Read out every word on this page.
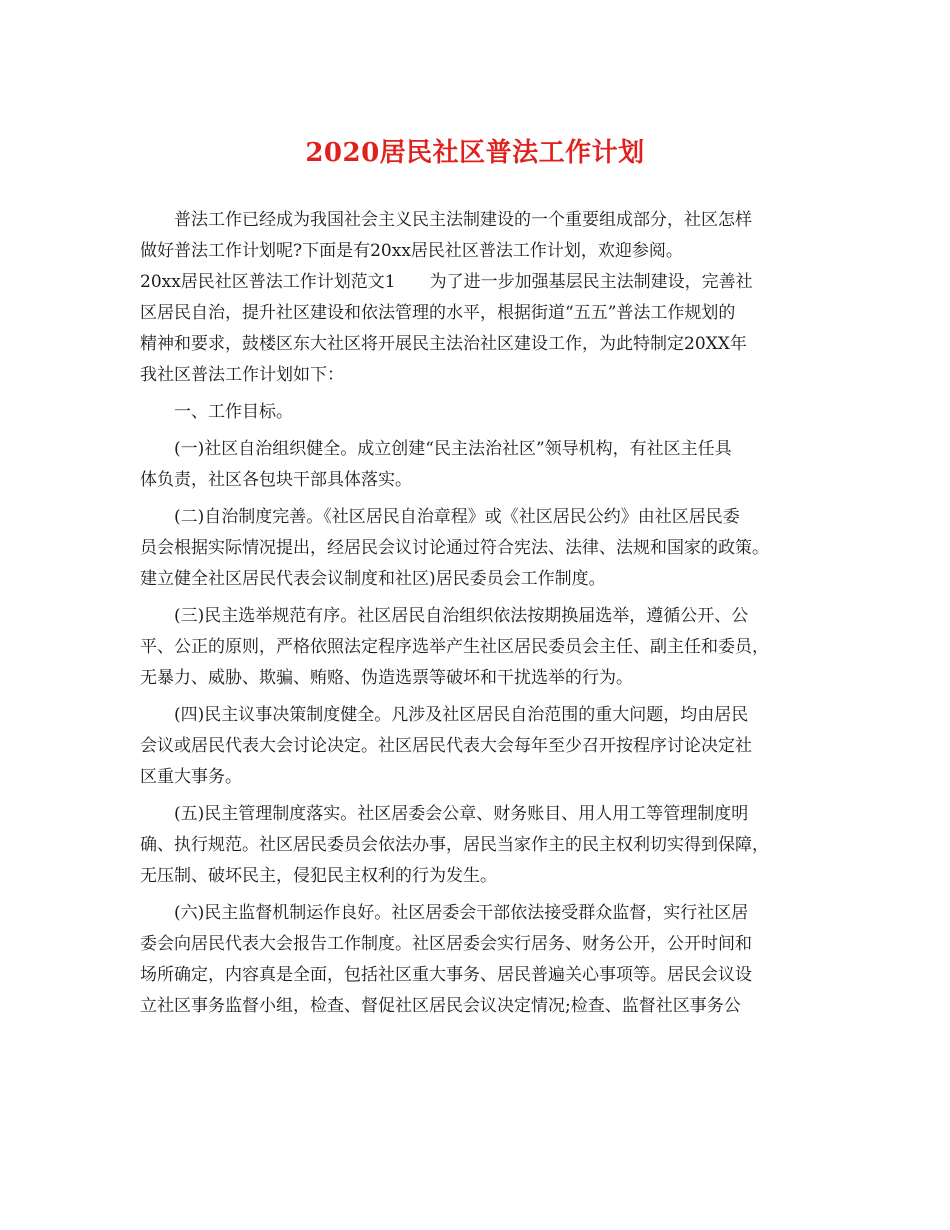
2020居民社区普法工作计划
普法工作已经成为我国社会主义民主法制建设的一个重要组成部分，社区怎样
做好普法工作计划呢?下面是有20xx居民社区普法工作计划，欢迎参阅。
20xx居民社区普法工作计划范文1　　为了进一步加强基层民主法制建设，完善社
区居民自治，提升社区建设和依法管理的水平，根据街道“五五”普法工作规划的
精神和要求，鼓楼区东大社区将开展民主法治社区建设工作，为此特制定20XX年
我社区普法工作计划如下：
一、工作目标。
(一)社区自治组织健全。成立创建“民主法治社区”领导机构，有社区主任具
体负责，社区各包块干部具体落实。
(二)自治制度完善。《社区居民自治章程》或《社区居民公约》由社区居民委
员会根据实际情况提出，经居民会议讨论通过符合宪法、法律、法规和国家的政策。
建立健全社区居民代表会议制度和社区)居民委员会工作制度。
(三)民主选举规范有序。社区居民自治组织依法按期换届选举，遵循公开、公
平、公正的原则，严格依照法定程序选举产生社区居民委员会主任、副主任和委员，
无暴力、威胁、欺骗、贿赂、伪造选票等破坏和干扰选举的行为。
(四)民主议事决策制度健全。凡涉及社区居民自治范围的重大问题，均由居民
会议或居民代表大会讨论决定。社区居民代表大会每年至少召开按程序讨论决定社
区重大事务。
(五)民主管理制度落实。社区居委会公章、财务账目、用人用工等管理制度明
确、执行规范。社区居民委员会依法办事，居民当家作主的民主权利切实得到保障，
无压制、破坏民主，侵犯民主权利的行为发生。
(六)民主监督机制运作良好。社区居委会干部依法接受群众监督，实行社区居
委会向居民代表大会报告工作制度。社区居委会实行居务、财务公开，公开时间和
场所确定，内容真是全面，包括社区重大事务、居民普遍关心事项等。居民会议设
立社区事务监督小组，检查、督促社区居民会议决定情况;检查、监督社区事务公
